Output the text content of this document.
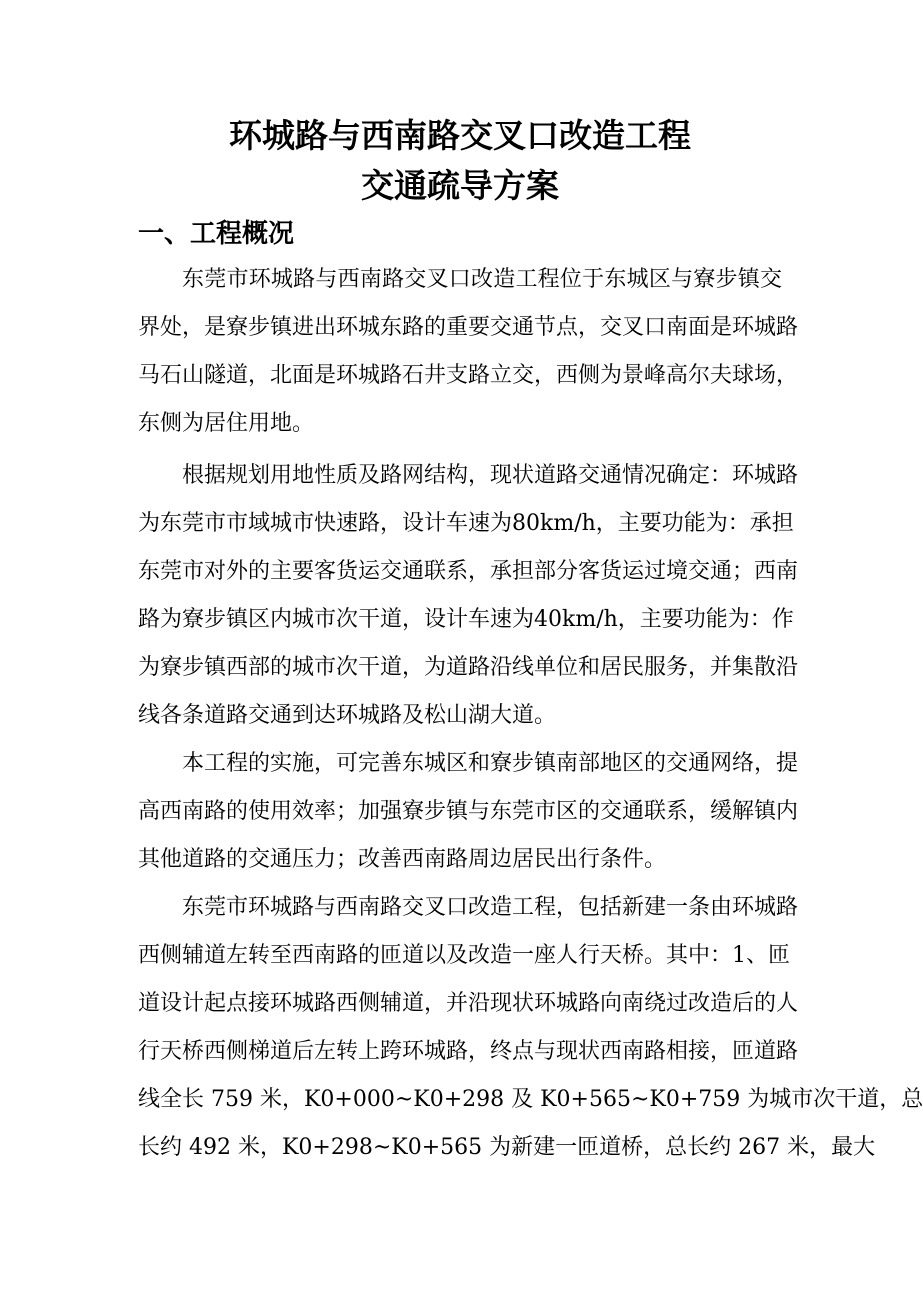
环城路与西南路交叉口改造工程
交通疏导方案
一、工程概况
东莞市环城路与西南路交叉口改造工程位于东城区与寮步镇交
界处，是寮步镇进出环城东路的重要交通节点，交叉口南面是环城路
马石山隧道，北面是环城路石井支路立交，西侧为景峰高尔夫球场，
东侧为居住用地。
根据规划用地性质及路网结构，现状道路交通情况确定：环城路
为东莞市市域城市快速路，设计车速为80km/h，主要功能为：承担
东莞市对外的主要客货运交通联系，承担部分客货运过境交通；西南
路为寮步镇区内城市次干道，设计车速为40km/h，主要功能为：作
为寮步镇西部的城市次干道，为道路沿线单位和居民服务，并集散沿
线各条道路交通到达环城路及松山湖大道。
本工程的实施，可完善东城区和寮步镇南部地区的交通网络，提
高西南路的使用效率；加强寮步镇与东莞市区的交通联系，缓解镇内
其他道路的交通压力；改善西南路周边居民出行条件。
东莞市环城路与西南路交叉口改造工程，包括新建一条由环城路
西侧辅道左转至西南路的匝道以及改造一座人行天桥。其中：1、匝
道设计起点接环城路西侧辅道，并沿现状环城路向南绕过改造后的人
行天桥西侧梯道后左转上跨环城路，终点与现状西南路相接，匝道路
线全长 759 米，K0+000~K0+298 及 K0+565~K0+759 为城市次干道，总
长约 492 米，K0+298~K0+565 为新建一匝道桥，总长约 267 米，最大
